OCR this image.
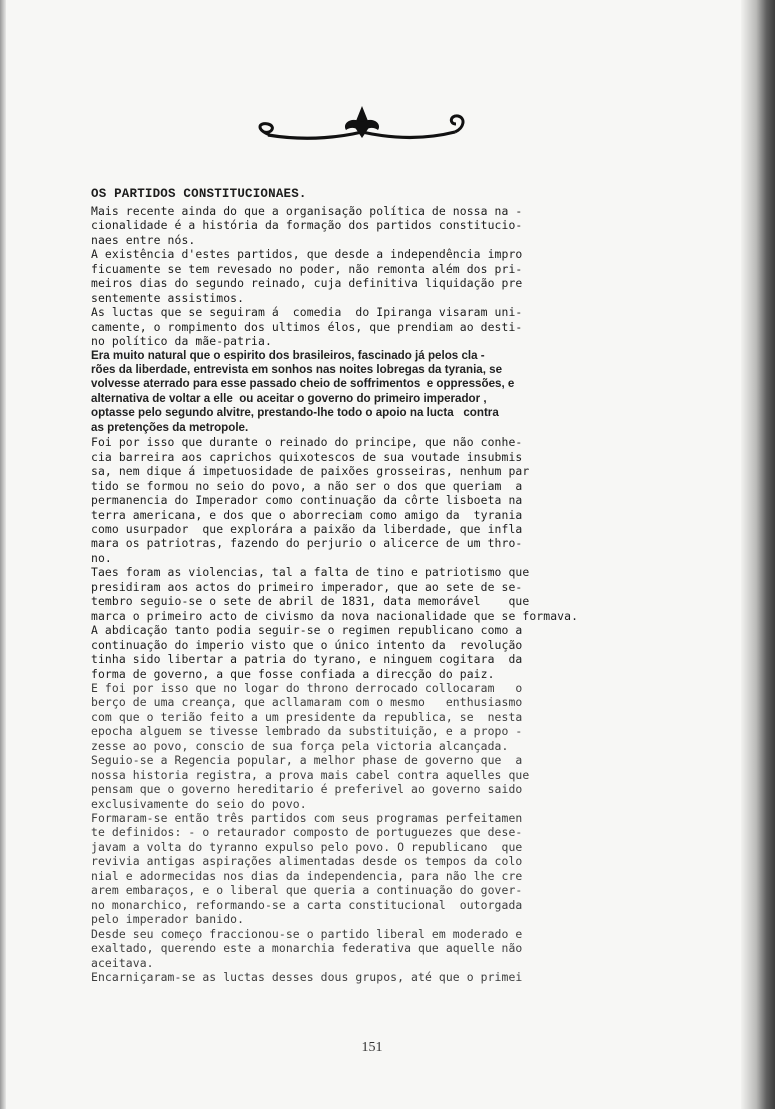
OS PARTIDOS CONSTITUCIONAES.
Mais recente ainda do que a organisação política de nossa na -
cionalidade é a história da formação dos partidos constitucio-
naes entre nós.
A existência d'estes partidos, que desde a independência impro
ficuamente se tem revesado no poder, não remonta além dos pri-
meiros dias do segundo reinado, cuja definitiva liquidação pre
sentemente assistimos.
As luctas que se seguiram á  comedia  do Ipiranga visaram uni-
camente, o rompimento dos ultimos élos, que prendiam ao desti-
no político da mãe-patria.
Era muito natural que o espirito dos brasileiros, fascinado já pelos cla -
rões da liberdade, entrevista em sonhos nas noites lobregas da tyrania, se
volvesse aterrado para esse passado cheio de soffrimentos  e oppressões, e
alternativa de voltar a elle  ou aceitar o governo do primeiro imperador ,
optasse pelo segundo alvitre, prestando-lhe todo o apoio na lucta   contra
as pretenções da metropole.
Foi por isso que durante o reinado do principe, que não conhe-
cia barreira aos caprichos quixotescos de sua voutade insubmis
sa, nem dique á impetuosidade de paixões grosseiras, nenhum par
tido se formou no seio do povo, a não ser o dos que queriam  a
permanencia do Imperador como continuação da côrte lisboeta na
terra americana, e dos que o aborreciam como amigo da  tyrania
como usurpador  que explorára a paixão da liberdade, que infla
mara os patriotras, fazendo do perjurio o alicerce de um thro-
no.
Taes foram as violencias, tal a falta de tino e patriotismo que
presidiram aos actos do primeiro imperador, que ao sete de se-
tembro seguio-se o sete de abril de 1831, data memorável    que
marca o primeiro acto de civismo da nova nacionalidade que se formava.
A abdicação tanto podia seguir-se o regimen republicano como a
continuação do imperio visto que o único intento da  revolução
tinha sido libertar a patria do tyrano, e ninguem cogitara  da
forma de governo, a que fosse confiada a direcção do paiz.
E foi por isso que no logar do throno derrocado collocaram   o
berço de uma creança, que acllamaram com o mesmo   enthusiasmo
com que o terião feito a um presidente da republica, se  nesta
epocha alguem se tivesse lembrado da substituição, e a propo -
zesse ao povo, conscio de sua força pela victoria alcançada.
Seguio-se a Regencia popular, a melhor phase de governo que  a
nossa historia registra, a prova mais cabel contra aquelles que
pensam que o governo hereditario é preferivel ao governo saido
exclusivamente do seio do povo.
Formaram-se então três partidos com seus programas perfeitamen
te definidos: - o retaurador composto de portuguezes que dese-
javam a volta do tyranno expulso pelo povo. O republicano  que
revivia antigas aspirações alimentadas desde os tempos da colo
nial e adormecidas nos dias da independencia, para não lhe cre
arem embaraços, e o liberal que queria a continuação do gover-
no monarchico, reformando-se a carta constitucional  outorgada
pelo imperador banido.
Desde seu começo fraccionou-se o partido liberal em moderado e
exaltado, querendo este a monarchia federativa que aquelle não
aceitava.
Encarniçaram-se as luctas desses dous grupos, até que o primei
151
